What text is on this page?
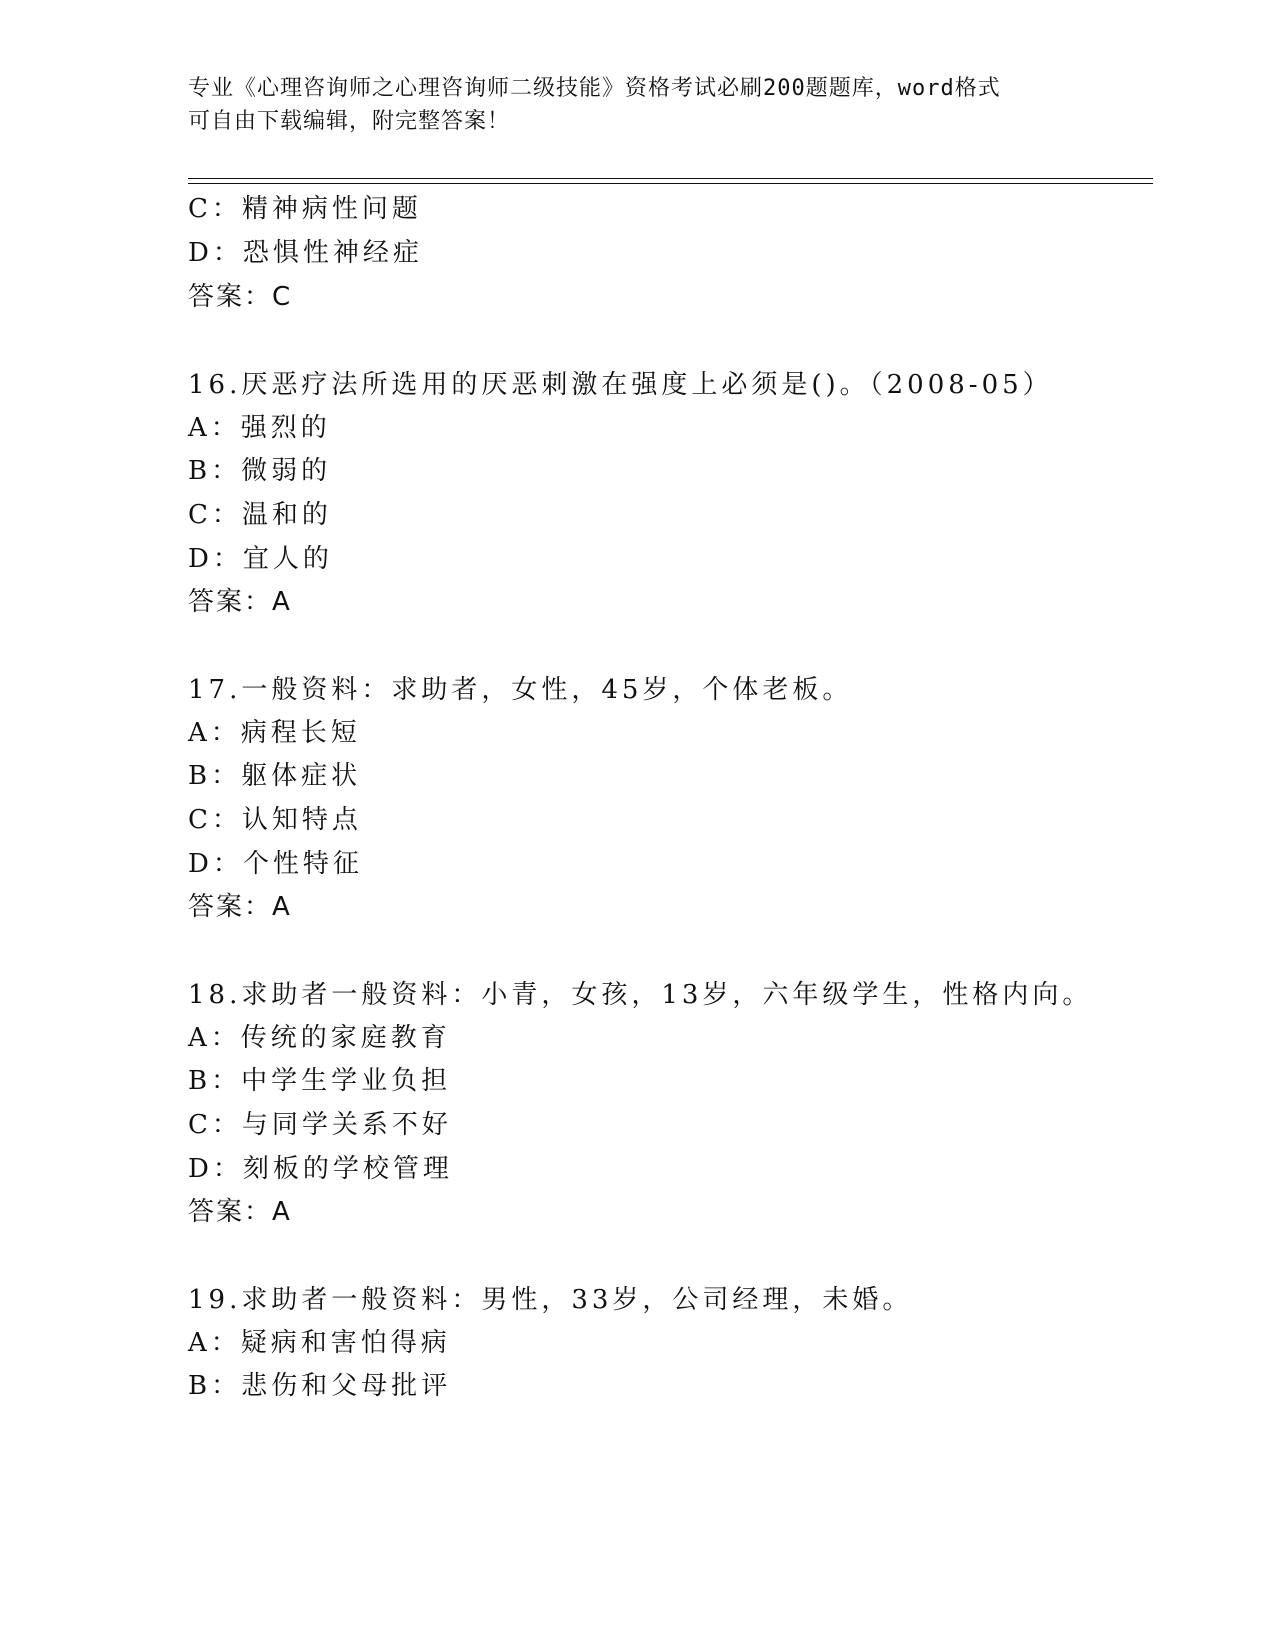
专业《心理咨询师之心理咨询师二级技能》资格考试必刷200题题库，word格式
可自由下载编辑，附完整答案！
C：精神病性问题
D：恐惧性神经症
答案：C
16.厌恶疗法所选用的厌恶刺激在强度上必须是()。（2008-05）
A：强烈的
B：微弱的
C：温和的
D：宜人的
答案：A
17.一般资料：求助者，女性，45岁，个体老板。
A：病程长短
B：躯体症状
C：认知特点
D：个性特征
答案：A
18.求助者一般资料：小青，女孩，13岁，六年级学生，性格内向。
A：传统的家庭教育
B：中学生学业负担
C：与同学关系不好
D：刻板的学校管理
答案：A
19.求助者一般资料：男性，33岁，公司经理，未婚。
A：疑病和害怕得病
B：悲伤和父母批评
